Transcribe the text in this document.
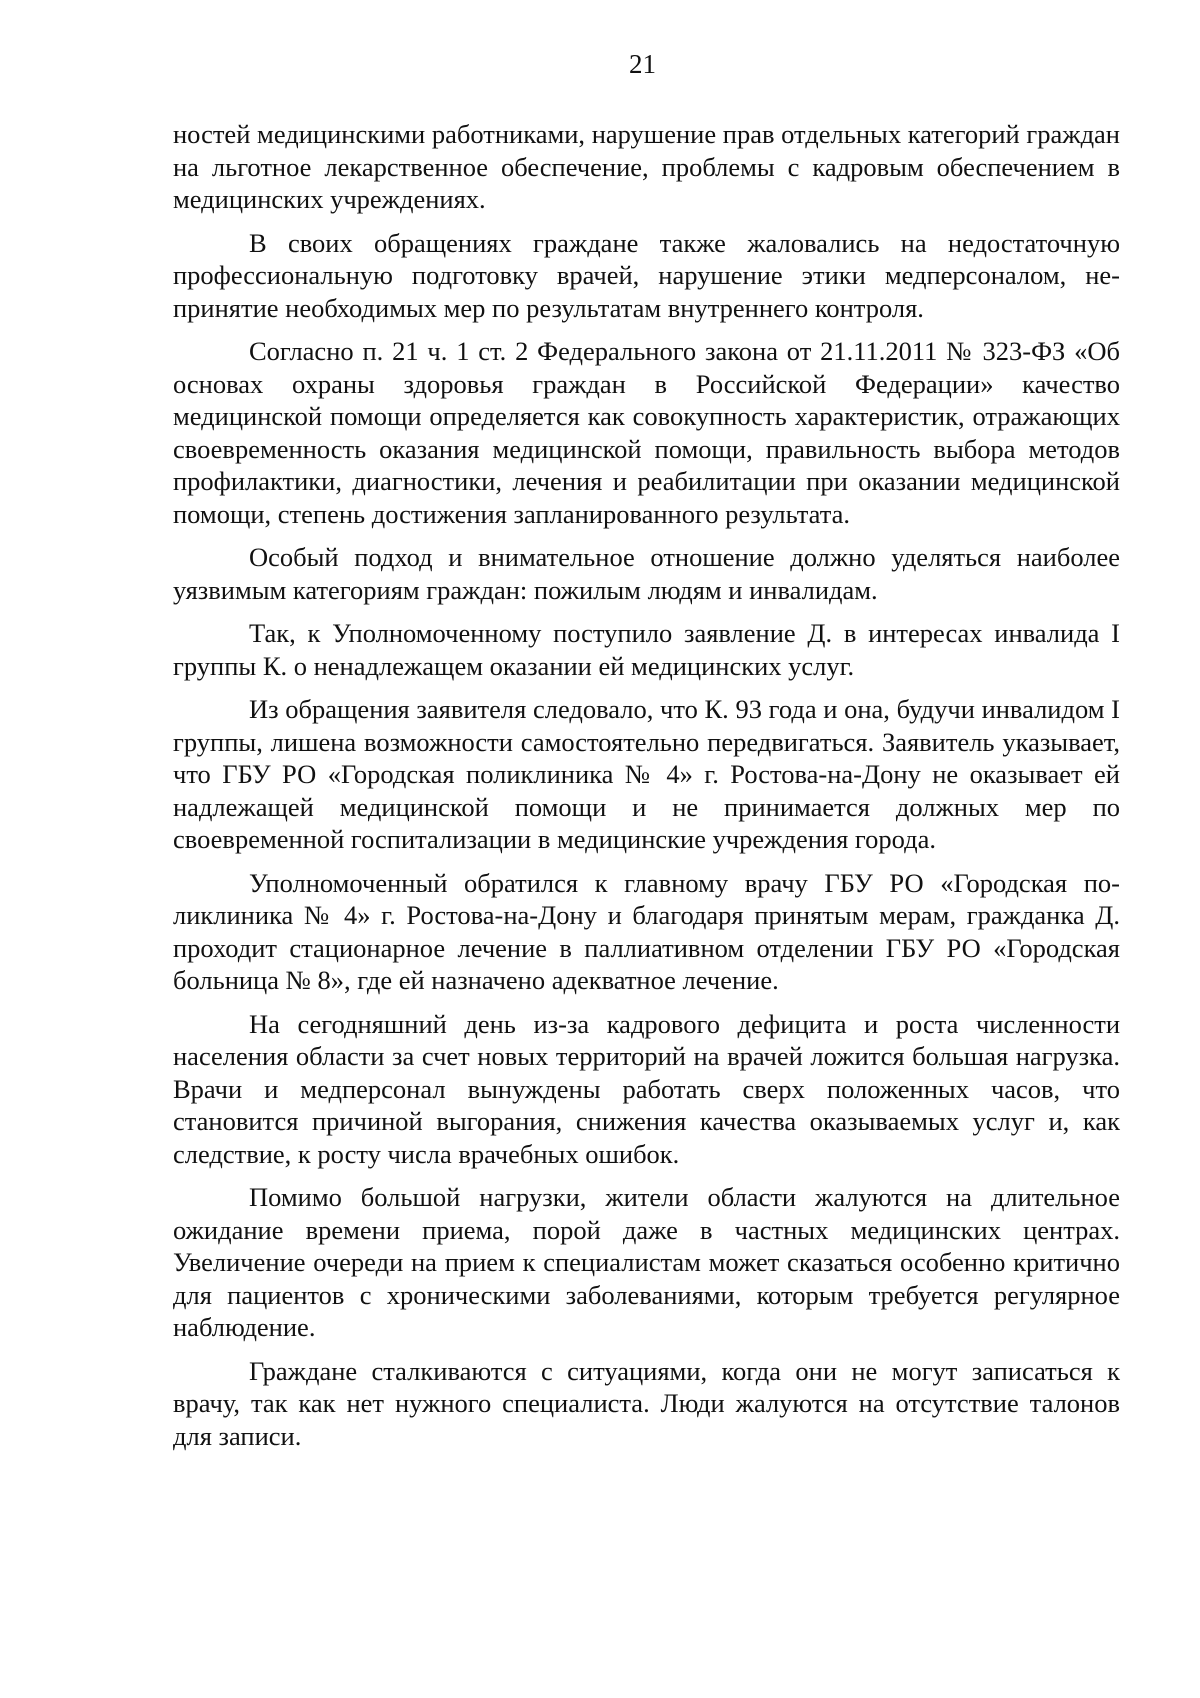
21

ностей медицинскими работниками, нарушение прав отдельных категорий граждан на льготное лекарственное обеспечение, проблемы с кадровым обеспечением в медицинских учреждениях.

В своих обращениях граждане также жаловались на недостаточную профессиональную подготовку врачей, нарушение этики медперсоналом, непринятие необходимых мер по результатам внутреннего контроля.

Согласно п. 21 ч. 1 ст. 2 Федерального закона от 21.11.2011 № 323-ФЗ «Об основах охраны здоровья граждан в Российской Федерации» качество медицинской помощи определяется как совокупность характеристик, отражающих своевременность оказания медицинской помощи, правильность выбора методов профилактики, диагностики, лечения и реабилитации при оказании медицинской помощи, степень достижения запланированного результата.

Особый подход и внимательное отношение должно уделяться наиболее уязвимым категориям граждан: пожилым людям и инвалидам.

Так, к Уполномоченному поступило заявление Д. в интересах инвалида I группы К. о ненадлежащем оказании ей медицинских услуг.

Из обращения заявителя следовало, что К. 93 года и она, будучи инвалидом I группы, лишена возможности самостоятельно передвигаться. Заявитель указывает, что ГБУ РО «Городская поликлиника № 4» г. Ростова-на-Дону не оказывает ей надлежащей медицинской помощи и не принимается должных мер по своевременной госпитализации в медицинские учреждения города.

Уполномоченный обратился к главному врачу ГБУ РО «Городская поликлиника № 4» г. Ростова-на-Дону и благодаря принятым мерам, гражданка Д. проходит стационарное лечение в паллиативном отделении ГБУ РО «Городская больница № 8», где ей назначено адекватное лечение.

На сегодняшний день из-за кадрового дефицита и роста численности населения области за счет новых территорий на врачей ложится большая нагрузка. Врачи и медперсонал вынуждены работать сверх положенных часов, что становится причиной выгорания, снижения качества оказываемых услуг и, как следствие, к росту числа врачебных ошибок.

Помимо большой нагрузки, жители области жалуются на длительное ожидание времени приема, порой даже в частных медицинских центрах. Увеличение очереди на прием к специалистам может сказаться особенно критично для пациентов с хроническими заболеваниями, которым требуется регулярное наблюдение.

Граждане сталкиваются с ситуациями, когда они не могут записаться к врачу, так как нет нужного специалиста. Люди жалуются на отсутствие талонов для записи.
